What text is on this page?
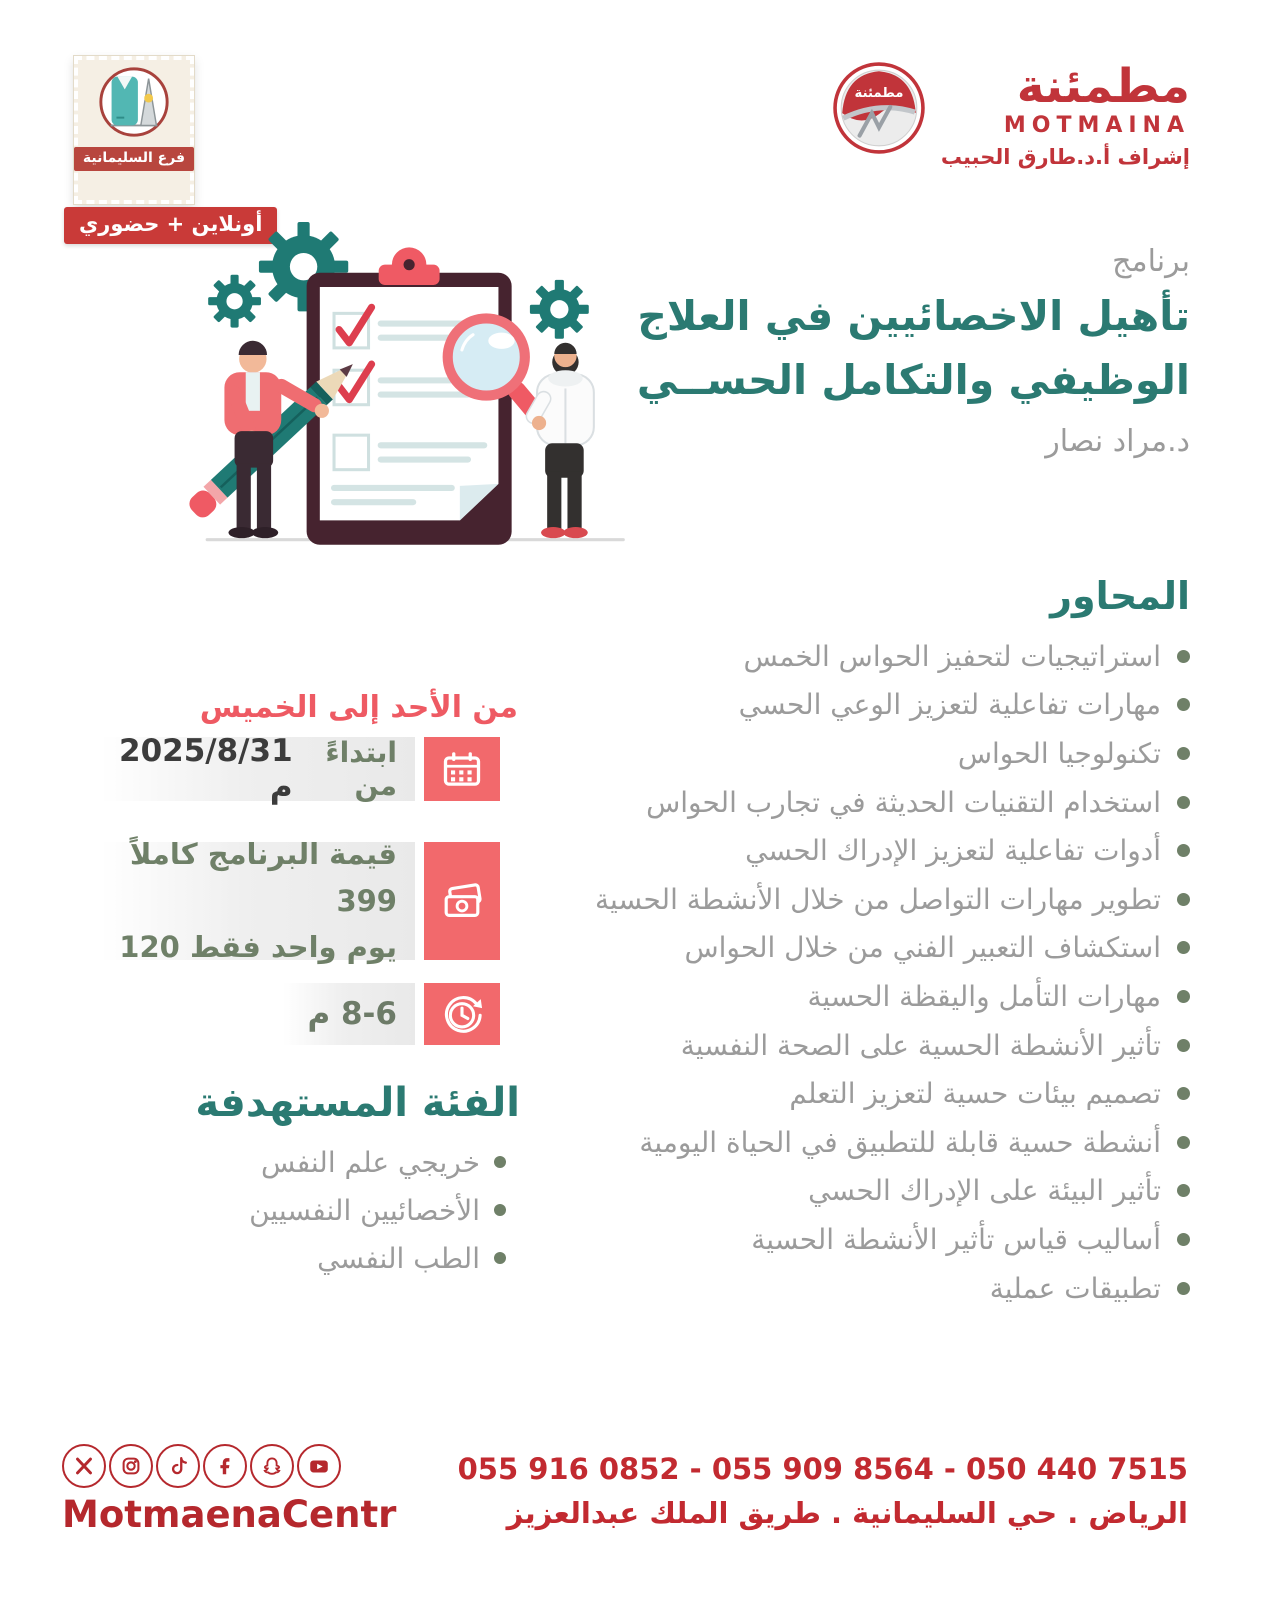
مطمئنة
MOTMAINA
إشراف أ.د.طارق الحبيب
مطمئنة
فرع السليمانية
أونلاين + حضوري
برنامج
تأهيل الاخصائيين في العلاج
الوظيفي والتكامل الحســي
د.مراد نصار
المحاور
استراتيجيات لتحفيز الحواس الخمس
مهارات تفاعلية لتعزيز الوعي الحسي
تكنولوجيا الحواس
استخدام التقنيات الحديثة في تجارب الحواس
أدوات تفاعلية لتعزيز الإدراك الحسي
تطوير مهارات التواصل من خلال الأنشطة الحسية
استكشاف التعبير الفني من خلال الحواس
مهارات التأمل واليقظة الحسية
تأثير الأنشطة الحسية على الصحة النفسية
تصميم بيئات حسية لتعزيز التعلم
أنشطة حسية قابلة للتطبيق في الحياة اليومية
تأثير البيئة على الإدراك الحسي
أساليب قياس تأثير الأنشطة الحسية
تطبيقات عملية
من الأحد إلى الخميس
ابتداءً من
2025/8/31 م
قيمة البرنامج كاملاً 399
يوم واحد فقط 120
8-6 م
الفئة المستهدفة
خريجي علم النفس
الأخصائيين النفسيين
الطب النفسي
MotmaenaCentr
055 916 0852 - 055 909 8564 - 050 440 7515
الرياض . حي السليمانية . طريق الملك عبدالعزيز
